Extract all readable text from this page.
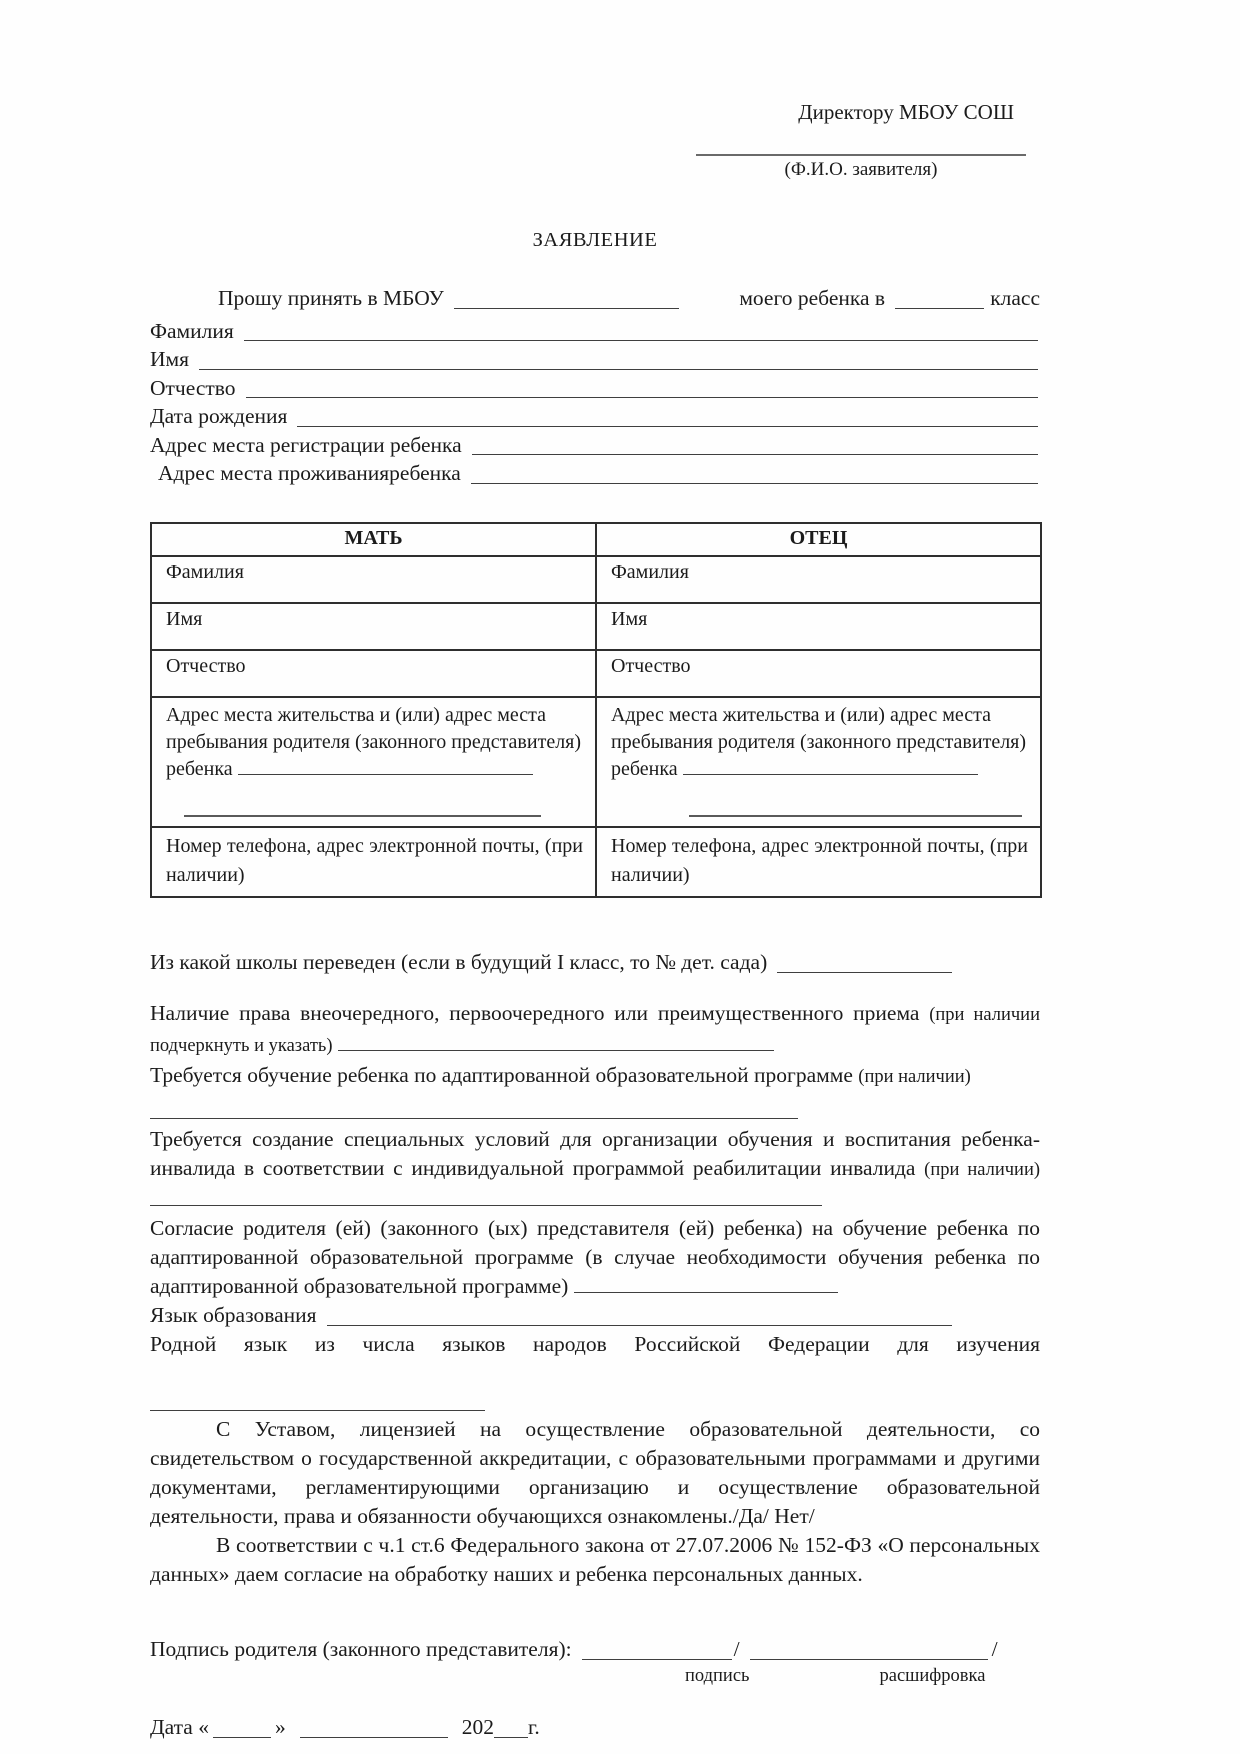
Директору МБОУ СОШ
(Ф.И.О. заявителя)
ЗАЯВЛЕНИЕ
Прошу принять в МБОУ	моего ребенка в	класс
Фамилия
Имя
Отчество
Дата рождения
Адрес места регистрации ребенка
Адрес места проживанияребенка
МАТЬ	ОТЕЦ
Фамилия	Фамилия
Имя	Имя
Отчество	Отчество
Адрес места жительства и (или) адрес места пребывания родителя (законного представителя) ребенка	Адрес места жительства и (или) адрес места пребывания родителя (законного представителя) ребенка

Номер телефона, адрес электронной почты, (при наличии)	Номер телефона, адрес электронной почты, (при наличии)
Из какой школы переведен (если в будущий I класс, то № дет. сада)
Наличие права внеочередного, первоочередного или преимущественного приема (при наличии подчеркнуть и указать)
Требуется обучение ребенка по адаптированной образовательной программе (при наличии)
Требуется создание специальных условий для организации обучения и воспитания ребенка-инвалида в соответствии с индивидуальной программой реабилитации инвалида (при наличии)
Согласие родителя (ей) (законного (ых) представителя (ей) ребенка) на обучение ребенка по адаптированной образовательной программе (в случае необходимости обучения ребенка по адаптированной образовательной программе)
Язык образования
Родной язык из числа языков народов Российской Федерации для изучения
С Уставом, лицензией на осуществление образовательной деятельности, со свидетельством о государственной аккредитации, с образовательными программами и другими документами, регламентирующими организацию и осуществление образовательной деятельности, права и обязанности обучающихся ознакомлены./Да/ Нет/
В соответствии с ч.1 ст.6 Федерального закона от 27.07.2006 № 152-ФЗ «О персональных данных» даем согласие на обработку наших и ребенка персональных данных.
Подпись родителя (законного представителя):	/	/
подпись	расшифровка
Дата «	»	202 г.
